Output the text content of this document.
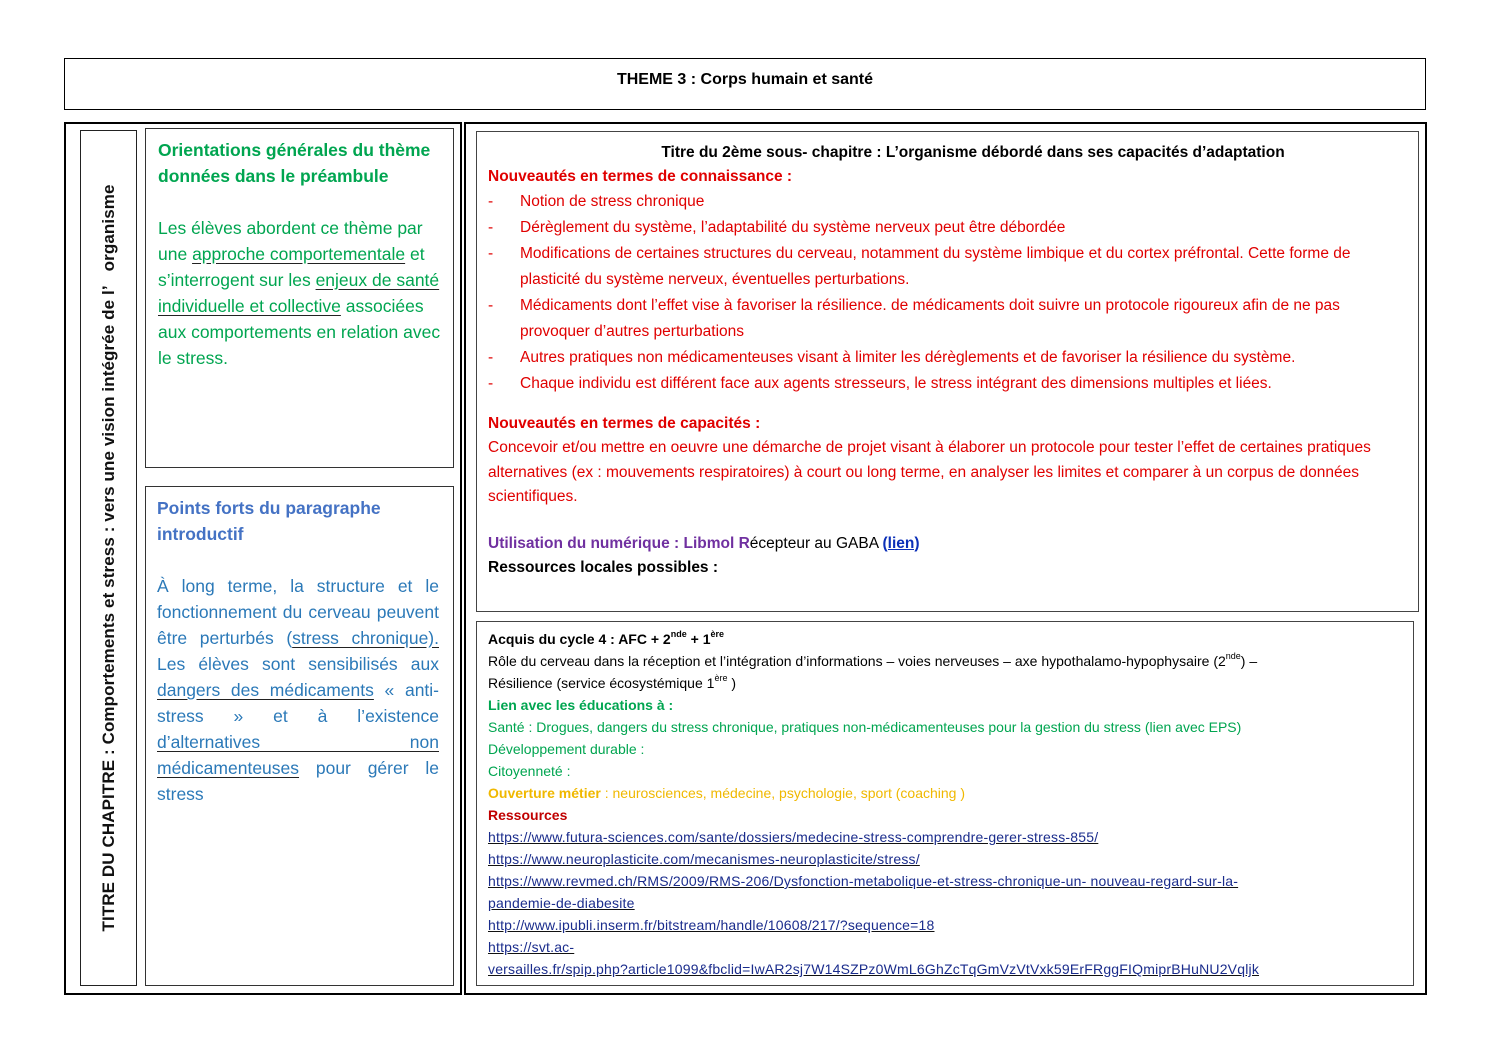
THEME 3 : Corps humain et santé
TITRE DU CHAPITRE : Comportements et stress : vers une vision intégrée de l’organisme
Orientations générales du thème données dans le préambule
Les élèves abordent ce thème par une approche comportementale et s’interrogent sur les enjeux de santé individuelle et collective associées aux comportements en relation avec le stress.
Points forts du paragraphe introductif
À long terme, la structure et le fonctionnement du cerveau peuvent être perturbés (stress chronique). Les élèves sont sensibilisés aux dangers des médicaments « anti-stress » et à l’existence d’alternatives non médicamenteuses pour gérer le stress
Titre du 2ème sous- chapitre : L’organisme débordé dans ses capacités d’adaptation
Nouveautés en termes de connaissance :
- Notion de stress chronique
- Dérèglement du système, l’adaptabilité du système nerveux peut être débordée
- Modifications de certaines structures du cerveau, notamment du système limbique et du cortex préfrontal. Cette forme de plasticité du système nerveux, éventuelles perturbations.
- Médicaments dont l’effet vise à favoriser la résilience. de médicaments doit suivre un protocole rigoureux afin de ne pas provoquer d’autres perturbations
- Autres pratiques non médicamenteuses visant à limiter les dérèglements et de favoriser la résilience du système.
- Chaque individu est différent face aux agents stresseurs, le stress intégrant des dimensions multiples et liées.
Nouveautés en termes de capacités :
Concevoir et/ou mettre en oeuvre une démarche de projet visant à élaborer un protocole pour tester l’effet de certaines pratiques alternatives (ex : mouvements respiratoires) à court ou long terme, en analyser les limites et comparer à un corpus de données scientifiques.
Utilisation du numérique : Libmol Récepteur au GABA (lien)
Ressources locales possibles :
Acquis du cycle 4 : AFC + 2nde + 1ère
Rôle du cerveau dans la réception et l’intégration d’informations – voies nerveuses – axe hypothalamo-hypophysaire (2nde) –
Résilience (service écosystémique 1ère )
Lien avec les éducations à :
Santé : Drogues, dangers du stress chronique, pratiques non-médicamenteuses pour la gestion du stress (lien avec EPS)
Développement durable :
Citoyenneté :
Ouverture métier : neurosciences, médecine, psychologie, sport (coaching )
Ressources
https://www.futura-sciences.com/sante/dossiers/medecine-stress-comprendre-gerer-stress-855/
https://www.neuroplasticite.com/mecanismes-neuroplasticite/stress/
https://www.revmed.ch/RMS/2009/RMS-206/Dysfonction-metabolique-et-stress-chronique-un- nouveau-regard-sur-la-
pandemie-de-diabesite
http://www.ipubli.inserm.fr/bitstream/handle/10608/217/?sequence=18
https://svt.ac-
versailles.fr/spip.php?article1099&fbclid=IwAR2sj7W14SZPz0WmL6GhZcTqGmVzVtVxk59ErFRggFIQmiprBHuNU2Vqljk
